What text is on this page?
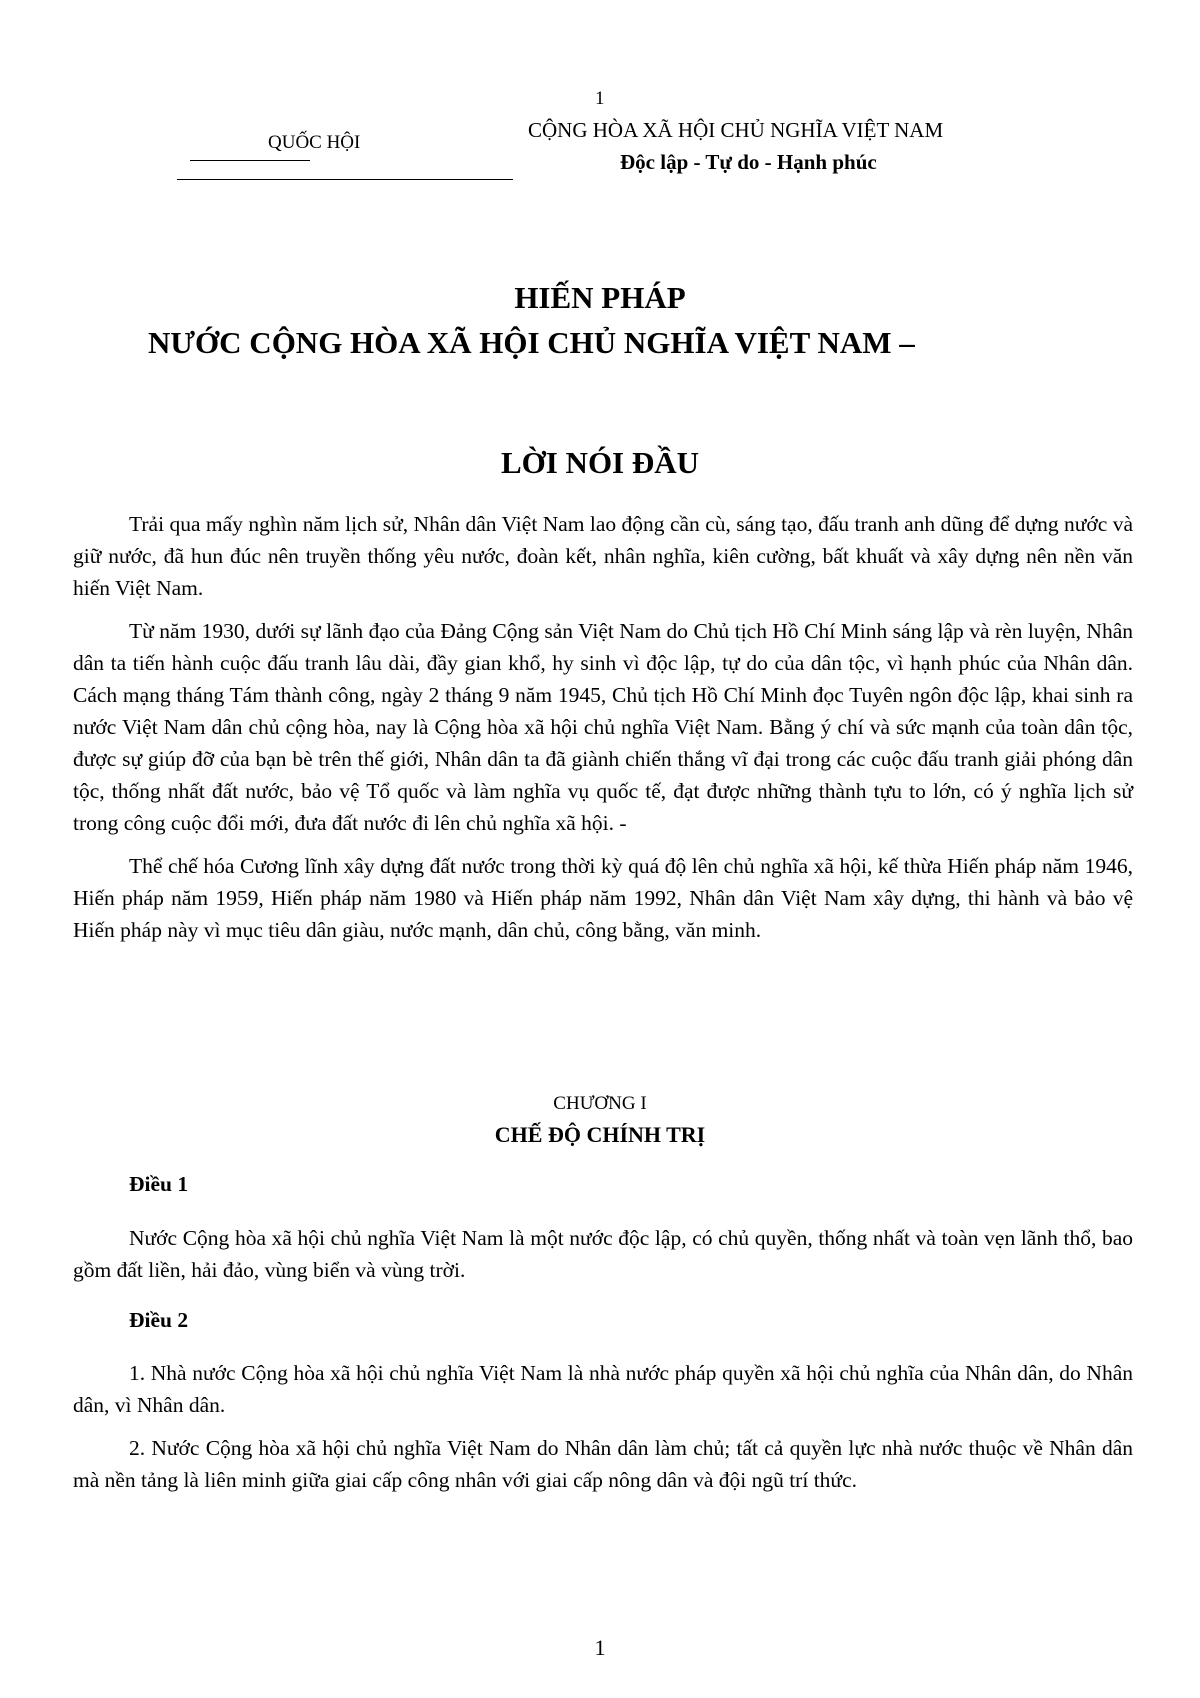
1
QUỐC HỘI
CỘNG HÒA XÃ HỘI CHỦ NGHĨA VIỆT NAM
Độc lập - Tự do - Hạnh phúc
HIẾN PHÁP
NƯỚC CỘNG HÒA XÃ HỘI CHỦ NGHĨA VIỆT NAM –
LỜI NÓI ĐẦU

Trải qua mấy nghìn năm lịch sử, Nhân dân Việt Nam lao động cần cù, sáng tạo, đấu tranh anh dũng để dựng nước và giữ nước, đã hun đúc nên truyền thống yêu nước, đoàn kết, nhân nghĩa, kiên cường, bất khuất và xây dựng nên nền văn hiến Việt Nam.

Từ năm 1930, dưới sự lãnh đạo của Đảng Cộng sản Việt Nam do Chủ tịch Hồ Chí Minh sáng lập và rèn luyện, Nhân dân ta tiến hành cuộc đấu tranh lâu dài, đầy gian khổ, hy sinh vì độc lập, tự do của dân tộc, vì hạnh phúc của Nhân dân. Cách mạng tháng Tám thành công, ngày 2 tháng 9 năm 1945, Chủ tịch Hồ Chí Minh đọc Tuyên ngôn độc lập, khai sinh ra nước Việt Nam dân chủ cộng hòa, nay là Cộng hòa xã hội chủ nghĩa Việt Nam. Bằng ý chí và sức mạnh của toàn dân tộc, được sự giúp đỡ của bạn bè trên thế giới, Nhân dân ta đã giành chiến thắng vĩ đại trong các cuộc đấu tranh giải phóng dân tộc, thống nhất đất nước, bảo vệ Tổ quốc và làm nghĩa vụ quốc tế, đạt được những thành tựu to lớn, có ý nghĩa lịch sử trong công cuộc đổi mới, đưa đất nước đi lên chủ nghĩa xã hội. -

Thể chế hóa Cương lĩnh xây dựng đất nước trong thời kỳ quá độ lên chủ nghĩa xã hội, kế thừa Hiến pháp năm 1946, Hiến pháp năm 1959, Hiến pháp năm 1980 và Hiến pháp năm 1992, Nhân dân Việt Nam xây dựng, thi hành và bảo vệ Hiến pháp này vì mục tiêu dân giàu, nước mạnh, dân chủ, công bằng, văn minh.

CHƯƠNG I
CHẾ ĐỘ CHÍNH TRỊ
Điều 1

Nước Cộng hòa xã hội chủ nghĩa Việt Nam là một nước độc lập, có chủ quyền, thống nhất và toàn vẹn lãnh thổ, bao gồm đất liền, hải đảo, vùng biển và vùng trời.

Điều 2

1. Nhà nước Cộng hòa xã hội chủ nghĩa Việt Nam là nhà nước pháp quyền xã hội chủ nghĩa của Nhân dân, do Nhân dân, vì Nhân dân.

2. Nước Cộng hòa xã hội chủ nghĩa Việt Nam do Nhân dân làm chủ; tất cả quyền lực nhà nước thuộc về Nhân dân mà nền tảng là liên minh giữa giai cấp công nhân với giai cấp nông dân và đội ngũ trí thức.

1
